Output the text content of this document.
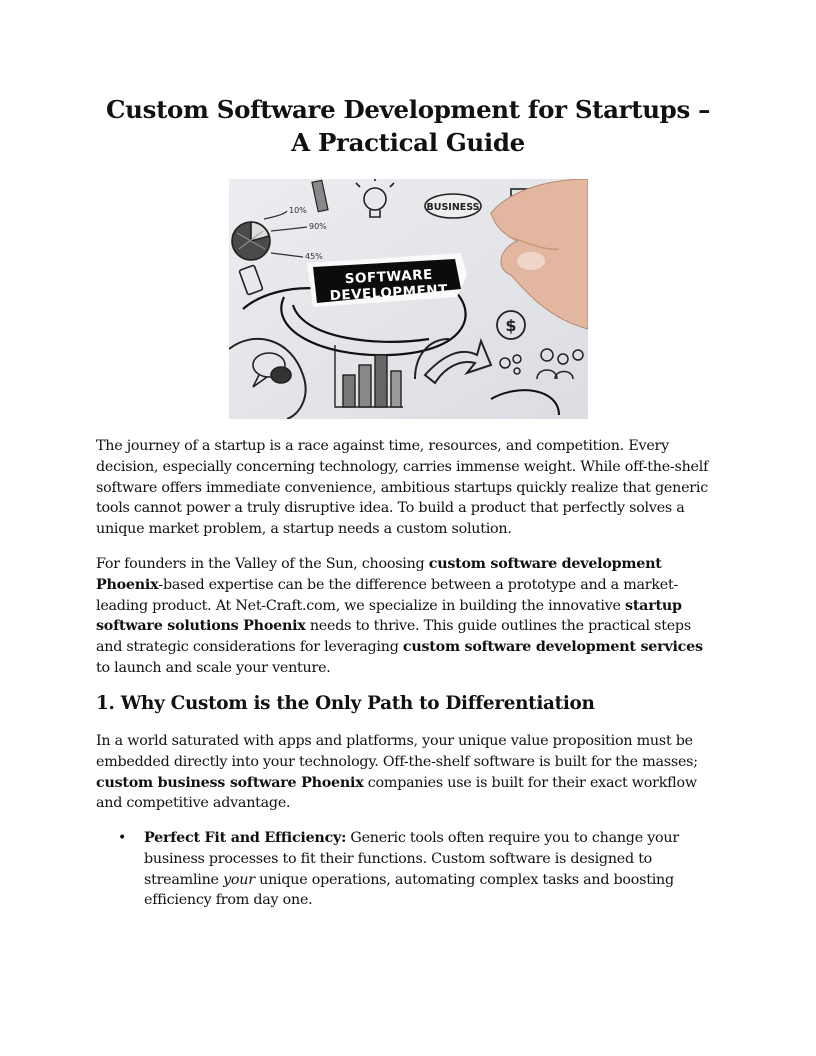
Custom Software Development for Startups –
A Practical Guide
10%
90%
45%
BUSINESS
SOFTWARE
DEVELOPMENT
$

The journey of a startup is a race against time, resources, and competition. Every decision, especially concerning technology, carries immense weight. While off-the-shelf software offers immediate convenience, ambitious startups quickly realize that generic tools cannot power a truly disruptive idea. To build a product that perfectly solves a unique market problem, a startup needs a custom solution.

For founders in the Valley of the Sun, choosing custom software development Phoenix-based expertise can be the difference between a prototype and a market-leading product. At Net-Craft.com, we specialize in building the innovative startup software solutions Phoenix needs to thrive. This guide outlines the practical steps and strategic considerations for leveraging custom software development services to launch and scale your venture.

1. Why Custom is the Only Path to Differentiation

In a world saturated with apps and platforms, your unique value proposition must be embedded directly into your technology. Off-the-shelf software is built for the masses; custom business software Phoenix companies use is built for their exact workflow and competitive advantage.

• Perfect Fit and Efficiency: Generic tools often require you to change your business processes to fit their functions. Custom software is designed to streamline your unique operations, automating complex tasks and boosting efficiency from day one.
